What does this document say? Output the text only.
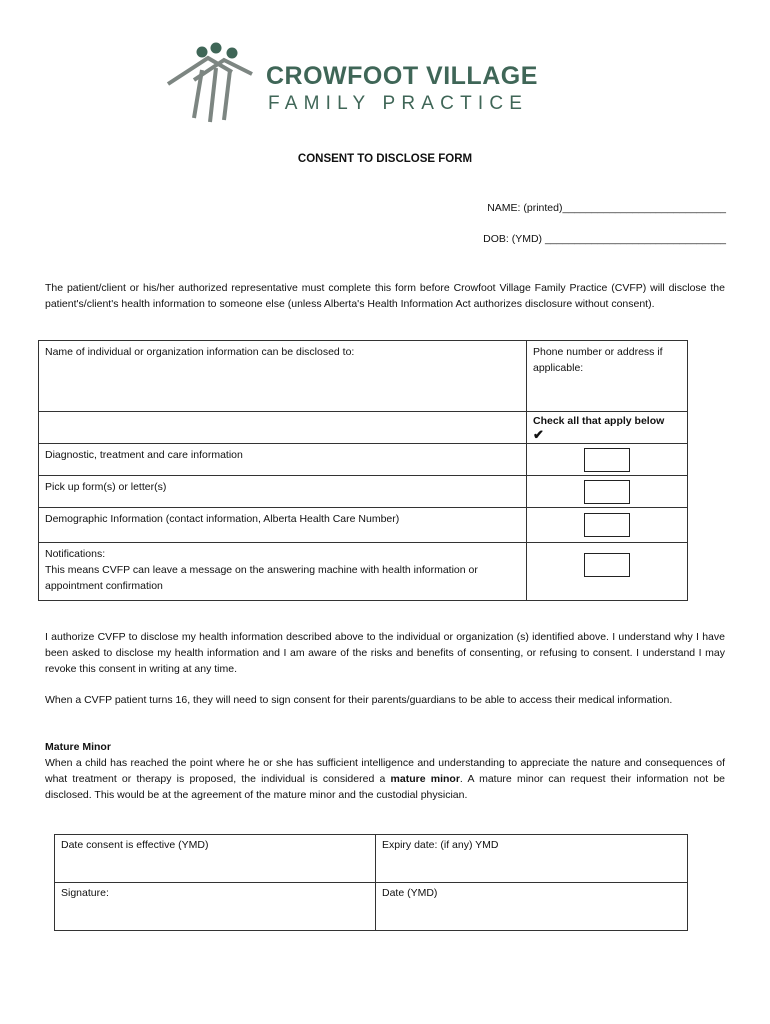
CROWFOOT VILLAGE
FAMILY PRACTICE
CONSENT TO DISCLOSE FORM
NAME: (printed)____________________________
DOB: (YMD) _______________________________
The patient/client or his/her authorized representative must complete this form before Crowfoot Village Family Practice (CVFP) will disclose the patient's/client's health information to someone else (unless Alberta's Health Information Act authorizes disclosure without consent).
Name of individual or organization information can be disclosed to:	Phone number or address if applicable:
	Check all that apply below
✔
Diagnostic, treatment and care information	

Pick up form(s) or letter(s)	

Demographic Information (contact information, Alberta Health Care Number)	

Notifications:
This means CVFP can leave a message on the answering machine with health information or
appointment confirmation	
I authorize CVFP to disclose my health information described above to the individual or organization (s) identified above. I understand why I have been asked to disclose my health information and I am aware of the risks and benefits of consenting, or refusing to consent. I understand I may revoke this consent in writing at any time.
When a CVFP patient turns 16, they will need to sign consent for their parents/guardians to be able to access their medical information.
Mature Minor
When a child has reached the point where he or she has sufficient intelligence and understanding to appreciate the nature and consequences of what treatment or therapy is proposed, the individual is considered a mature minor. A mature minor can request their information not be disclosed. This would be at the agreement of the mature minor and the custodial physician.
Date consent is effective (YMD)	Expiry date: (if any) YMD
Signature:	Date (YMD)
